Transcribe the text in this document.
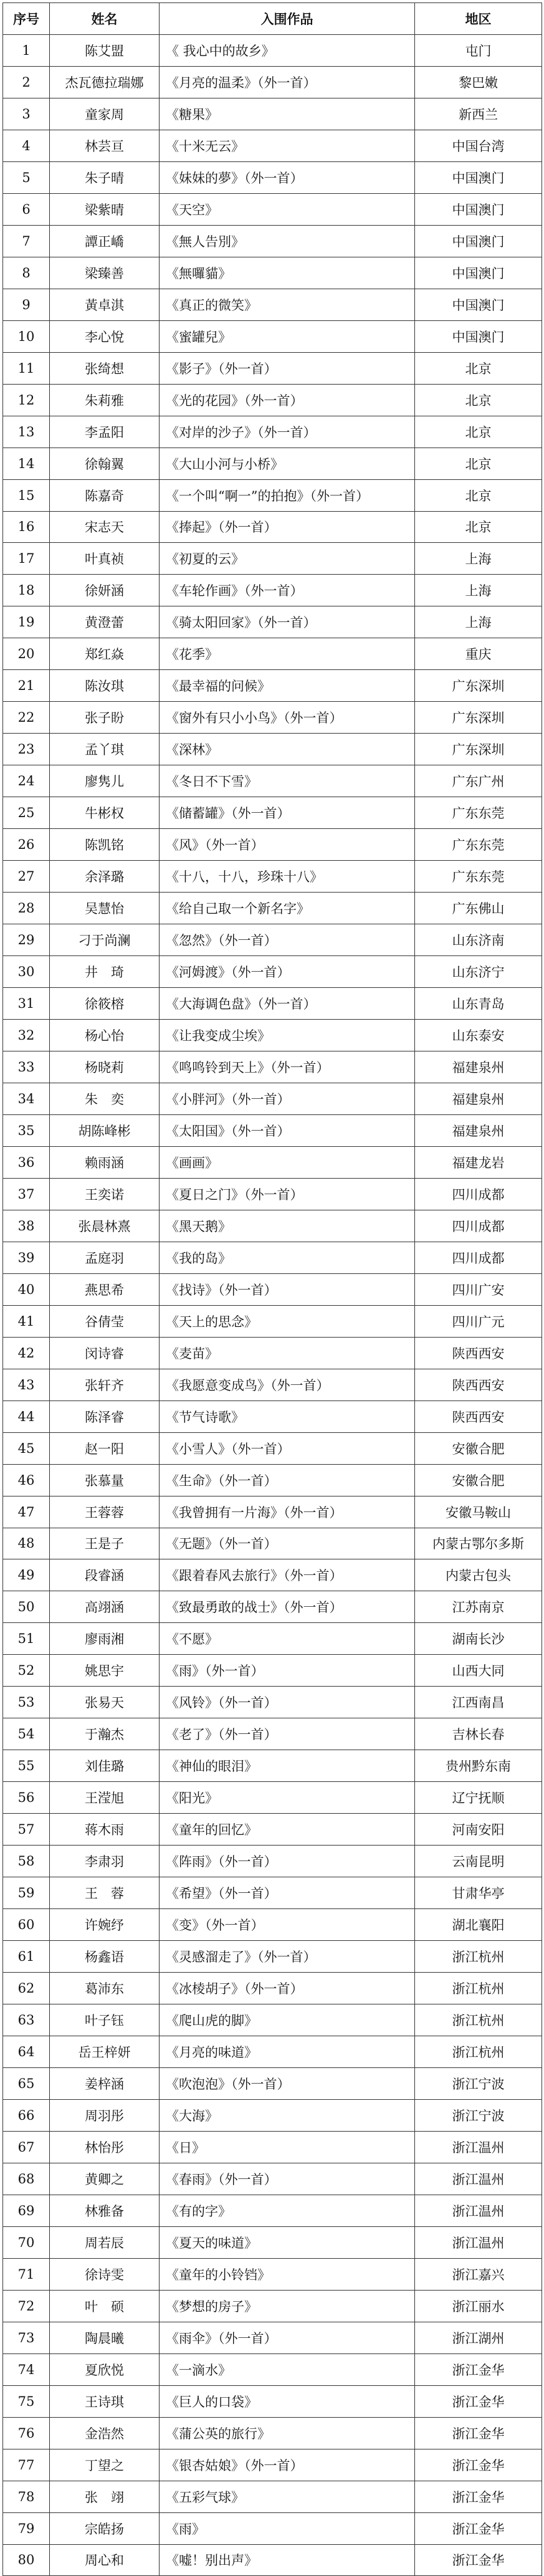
序号	姓名	入围作品	地区
1	陈艾盟	《 我心中的故乡》	屯门
2	杰瓦德拉瑞娜	《月亮的温柔》（外一首）	黎巴嫩
3	童家周	《糖果》	新西兰
4	林芸亘	《十米无云》	中国台湾
5	朱子晴	《妹妹的夢》（外一首）	中国澳门
6	梁紫晴	《天空》	中国澳门
7	譚正嶠	《無人告別》	中国澳门
8	梁臻善	《無囉貓》	中国澳门
9	黃卓淇	《真正的微笑》	中国澳门
10	李心悅	《蜜罐兒》	中国澳门
11	张绮想	《影子》（外一首）	北京
12	朱莉雅	《光的花园》（外一首）	北京
13	李孟阳	《对岸的沙子》（外一首）	北京
14	徐翰翼	《大山小河与小桥》	北京
15	陈嘉奇	《一个叫“啊一”的拍抱》（外一首）	北京
16	宋志天	《捧起》（外一首）	北京
17	叶真祯	《初夏的云》	上海
18	徐妍涵	《车轮作画》（外一首）	上海
19	黄澄蕾	《骑太阳回家》（外一首）	上海
20	郑红焱	《花季》	重庆
21	陈汝琪	《最幸福的问候》	广东深圳
22	张子盼	《窗外有只小小鸟》（外一首）	广东深圳
23	孟丫琪	《深林》	广东深圳
24	廖隽儿	《冬日不下雪》	广东广州
25	牛彬权	《储蓄罐》（外一首）	广东东莞
26	陈凯铭	《风》（外一首）	广东东莞
27	余泽璐	《十八，十八，珍珠十八》	广东东莞
28	吴慧怡	《给自己取一个新名字》	广东佛山
29	刁于尚澜	《忽然》（外一首）	山东济南
30	井　琦	《河姆渡》（外一首）	山东济宁
31	徐筱榕	《大海调色盘》（外一首）	山东青岛
32	杨心怡	《让我变成尘埃》	山东泰安
33	杨晓莉	《鸣鸣铃到天上》（外一首）	福建泉州
34	朱　奕	《小胖河》（外一首）	福建泉州
35	胡陈峰彬	《太阳国》（外一首）	福建泉州
36	赖雨涵	《画画》	福建龙岩
37	王奕诺	《夏日之门》（外一首）	四川成都
38	张晨林熹	《黑天鹅》	四川成都
39	孟庭羽	《我的岛》	四川成都
40	燕思希	《找诗》（外一首）	四川广安
41	谷倩莹	《天上的思念》	四川广元
42	闵诗睿	《麦苗》	陕西西安
43	张轩齐	《我愿意变成鸟》（外一首）	陕西西安
44	陈泽睿	《节气诗歌》	陕西西安
45	赵一阳	《小雪人》（外一首）	安徽合肥
46	张慕量	《生命》（外一首）	安徽合肥
47	王蓉蓉	《我曾拥有一片海》（外一首）	安徽马鞍山
48	王是子	《无题》（外一首）	内蒙古鄂尔多斯
49	段睿涵	《跟着春风去旅行》（外一首）	内蒙古包头
50	高翊涵	《致最勇敢的战士》（外一首）	江苏南京
51	廖雨湘	《不愿》	湖南长沙
52	姚思宇	《雨》（外一首）	山西大同
53	张易天	《风铃》（外一首）	江西南昌
54	于瀚杰	《老了》（外一首）	吉林长春
55	刘佳璐	《神仙的眼泪》	贵州黔东南
56	王滢旭	《阳光》	辽宁抚顺
57	蒋木雨	《童年的回忆》	河南安阳
58	李肃羽	《阵雨》（外一首）	云南昆明
59	王　蓉	《希望》（外一首）	甘肃华亭
60	许婉纾	《变》（外一首）	湖北襄阳
61	杨鑫语	《灵感溜走了》（外一首）	浙江杭州
62	葛沛东	《冰棱胡子》（外一首）	浙江杭州
63	叶子钰	《爬山虎的脚》	浙江杭州
64	岳王梓妍	《月亮的味道》	浙江杭州
65	姜梓涵	《吹泡泡》（外一首）	浙江宁波
66	周羽彤	《大海》	浙江宁波
67	林怡彤	《日》	浙江温州
68	黄卿之	《春雨》（外一首）	浙江温州
69	林雅备	《有的字》	浙江温州
70	周若辰	《夏天的味道》	浙江温州
71	徐诗雯	《童年的小铃铛》	浙江嘉兴
72	叶　硕	《梦想的房子》	浙江丽水
73	陶晨曦	《雨伞》（外一首）	浙江湖州
74	夏欣悦	《一滴水》	浙江金华
75	王诗琪	《巨人的口袋》	浙江金华
76	金浩然	《蒲公英的旅行》	浙江金华
77	丁望之	《银杏姑娘》（外一首）	浙江金华
78	张　翊	《五彩气球》	浙江金华
79	宗皓扬	《雨》	浙江金华
80	周心和	《嘘！别出声》	浙江金华
